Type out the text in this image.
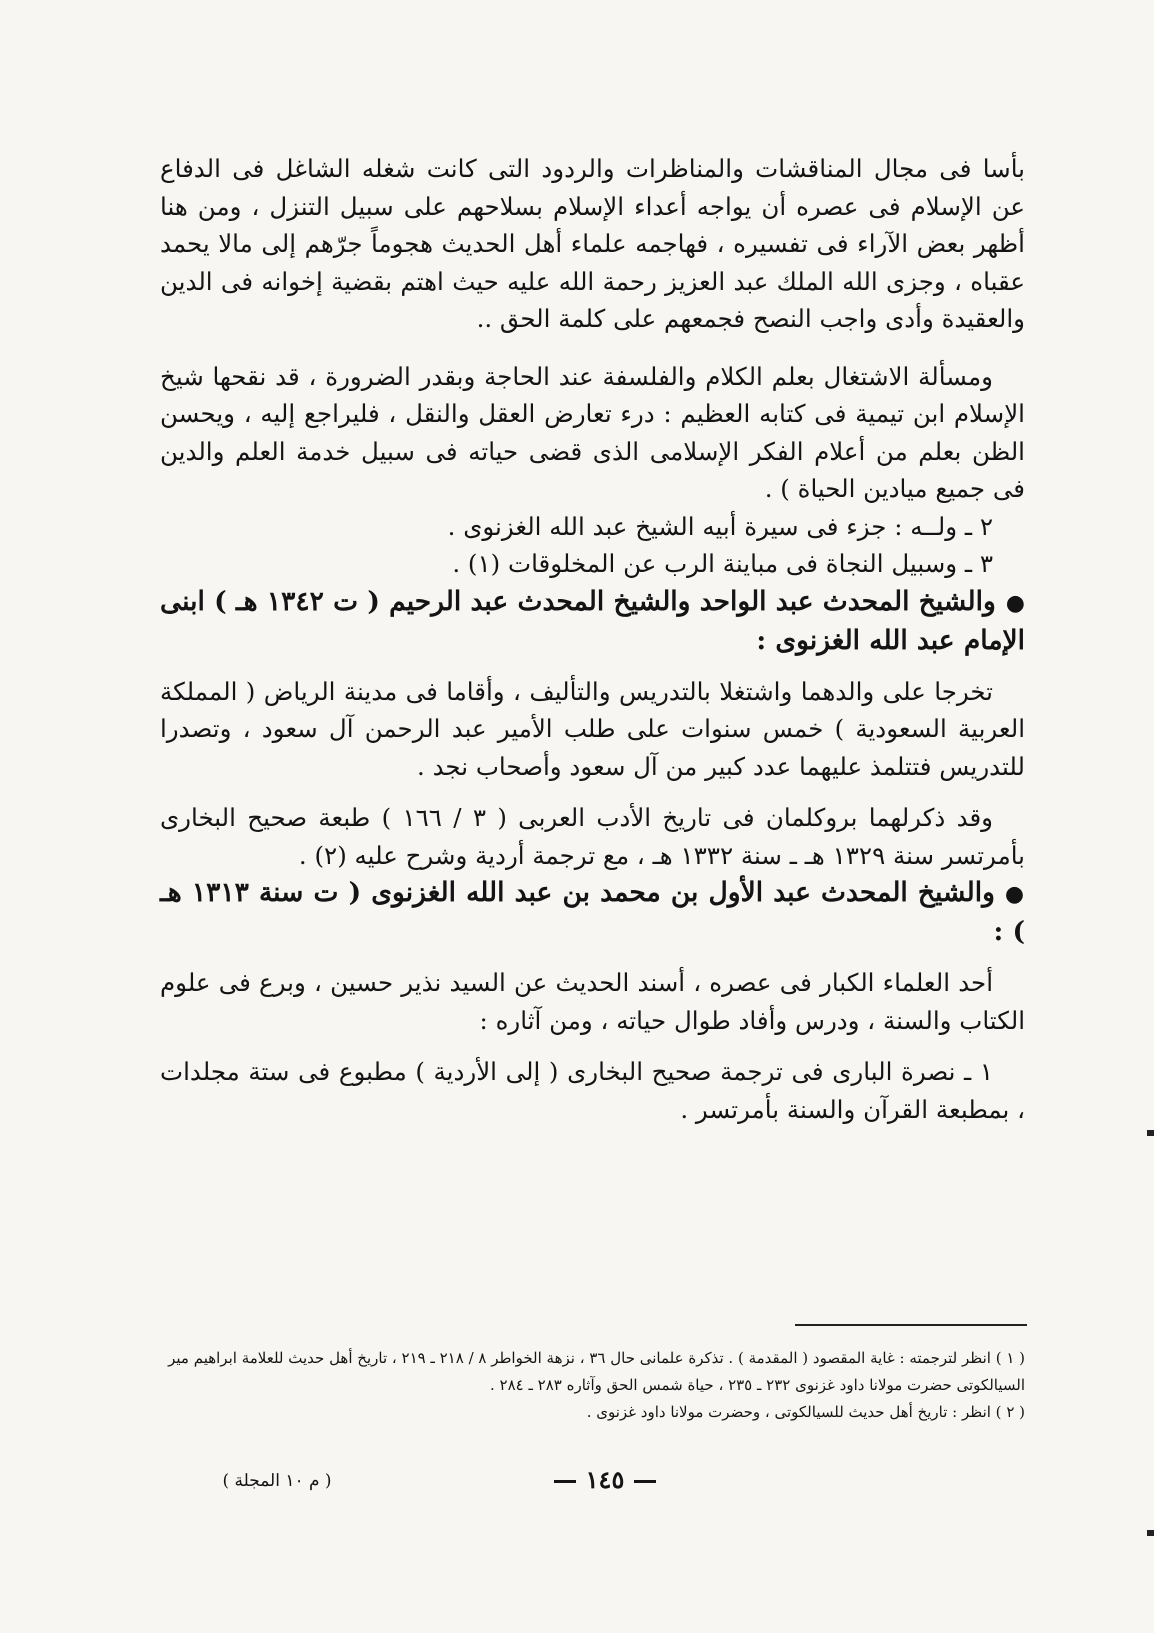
بأسا فى مجال المناقشات والمناظرات والردود التى كانت شغله الشاغل فى الدفاع عن الإسلام فى عصره أن يواجه أعداء الإسلام بسلاحهم على سبيل التنزل ، ومن هنا أظهر بعض الآراء فى تفسيره ، فهاجمه علماء أهل الحديث هجوماً جرّهم إلى مالا يحمد عقباه ، وجزى الله الملك عبد العزيز رحمة الله عليه حيث اهتم بقضية إخوانه فى الدين والعقيدة وأدى واجب النصح فجمعهم على كلمة الحق ..

ومسألة الاشتغال بعلم الكلام والفلسفة عند الحاجة وبقدر الضرورة ، قد نقحها شيخ الإسلام ابن تيمية فى كتابه العظيم : درء تعارض العقل والنقل ، فليراجع إليه ، ويحسن الظن بعلم من أعلام الفكر الإسلامى الذى قضى حياته فى سبيل خدمة العلم والدين فى جميع ميادين الحياة ) .

٢ ـ ولــه : جزء فى سيرة أبيه الشيخ عبد الله الغزنوى .

٣ ـ وسبيل النجاة فى مباينة الرب عن المخلوقات (١) .

●والشيخ المحدث عبد الواحد والشيخ المحدث عبد الرحيم ( ت ١٣٤٢ هـ ) ابنى الإمام عبد الله الغزنوى :

تخرجا على والدهما واشتغلا بالتدريس والتأليف ، وأقاما فى مدينة الرياض ( المملكة العربية السعودية ) خمس سنوات على طلب الأمير عبد الرحمن آل سعود ، وتصدرا للتدريس فتتلمذ عليهما عدد كبير من آل سعود وأصحاب نجد .

وقد ذكرلهما بروكلمان فى تاريخ الأدب العربى ( ٣ / ١٦٦ ) طبعة صحيح البخارى بأمرتسر سنة ١٣٢٩ هـ ـ سنة ١٣٣٢ هـ ، مع ترجمة أردية وشرح عليه (٢) .

●والشيخ المحدث عبد الأول بن محمد بن عبد الله الغزنوى ( ت سنة ١٣١٣ هـ ) :

أحد العلماء الكبار فى عصره ، أسند الحديث عن السيد نذير حسين ، وبرع فى علوم الكتاب والسنة ، ودرس وأفاد طوال حياته ، ومن آثاره :

١ ـ نصرة البارى فى ترجمة صحيح البخارى ( إلى الأردية ) مطبوع فى ستة مجلدات ، بمطبعة القرآن والسنة بأمرتسر .

( ١ ) انظر لترجمته : غاية المقصود ( المقدمة ) . تذكرة علمانى حال ٣٦ ، نزهة الخواطر ٨ / ٢١٨ ـ ٢١٩ ، تاريخ أهل حديث للعلامة ابراهيم مير السيالكوتى حضرت مولانا داود غزنوى ٢٣٢ ـ ٢٣٥ ، حياة شمس الحق وآثاره ٢٨٣ ـ ٢٨٤ .

( ٢ ) انظر : تاريخ أهل حديث للسيالكوتى ، وحضرت مولانا داود غزنوى .

١٤٥
( م ١٠ المجلة )
